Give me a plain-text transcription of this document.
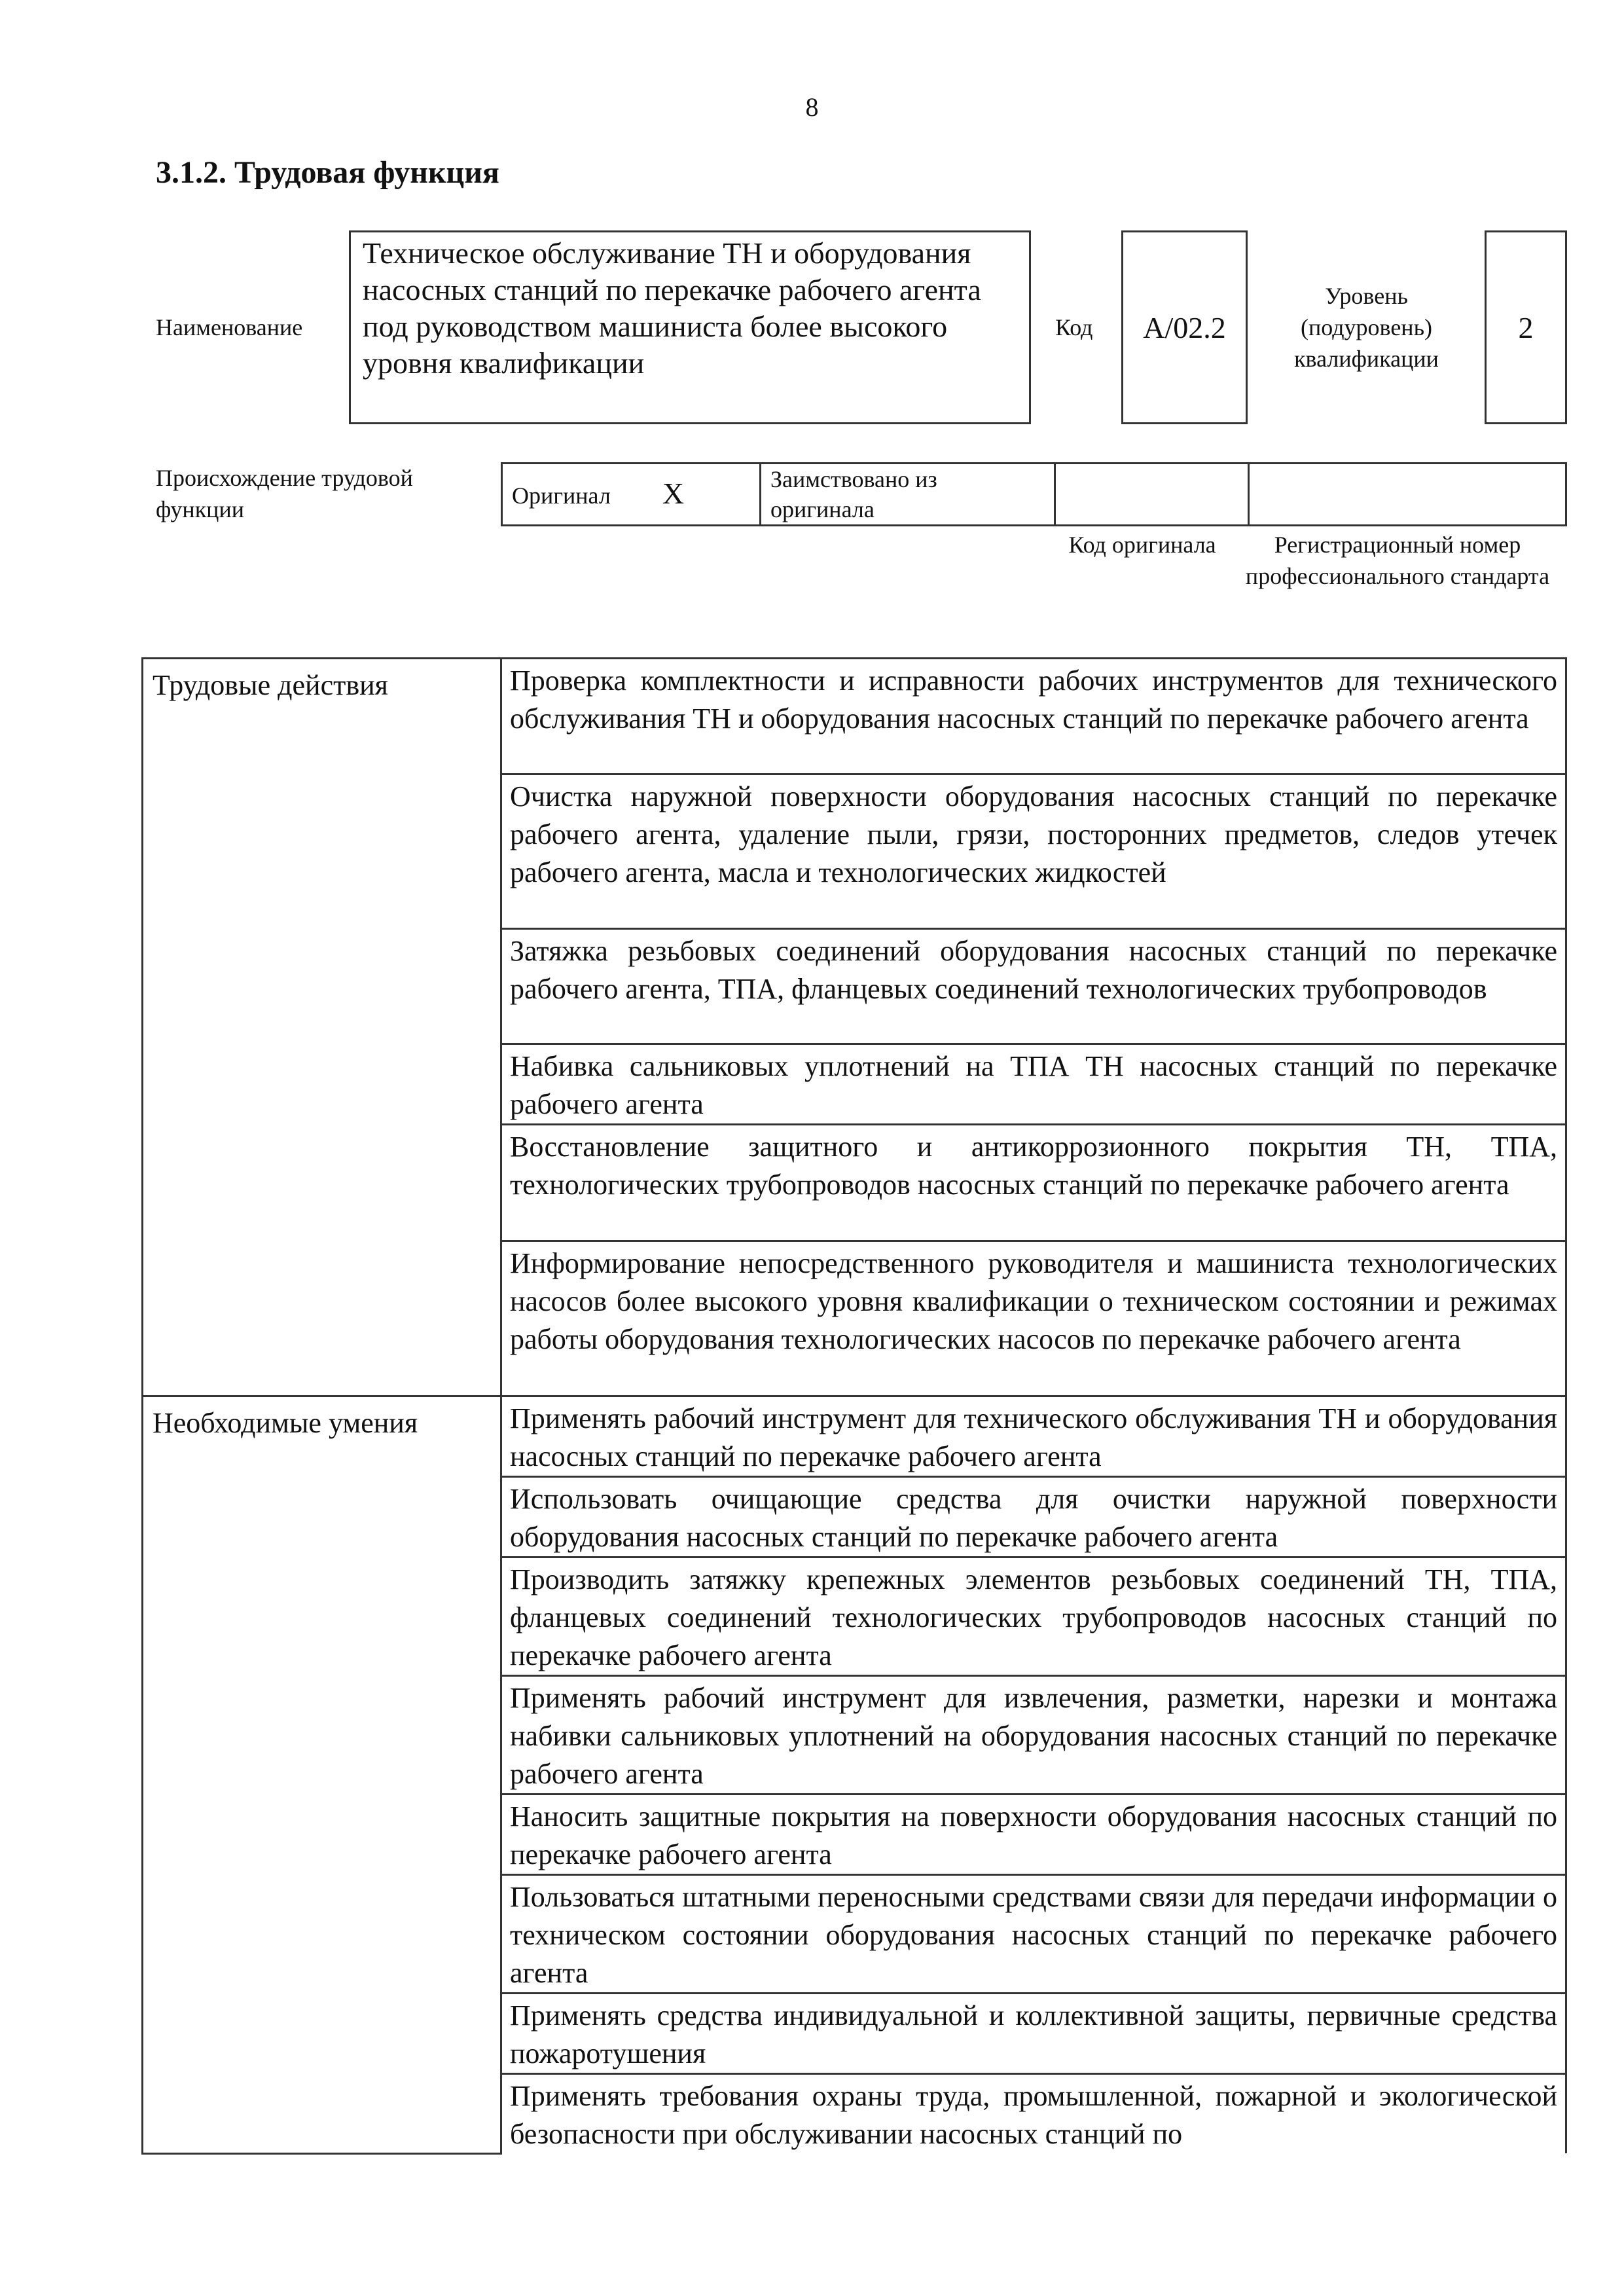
8
3.1.2. Трудовая функция
Наименование
Техническое обслуживание ТН и оборудования насосных станций по перекачке рабочего агента под руководством машиниста более высокого уровня квалификации
Код А/02.2
Уровень
(подуровень)
квалификации
2
Происхождение трудовой функции
Оригинал X	Заимствовано из оригинала		
Код оригинала	Регистрационный номер профессионального стандарта
Трудовые действия	Проверка комплектности и исправности рабочих инструментов для технического обслуживания ТН и оборудования насосных станций по перекачке рабочего агента
	Очистка наружной поверхности оборудования насосных станций по перекачке рабочего агента, удаление пыли, грязи, посторонних предметов, следов утечек рабочего агента, масла и технологических жидкостей
	Затяжка резьбовых соединений оборудования насосных станций по перекачке рабочего агента, ТПА, фланцевых соединений технологических трубопроводов
	Набивка сальниковых уплотнений на ТПА ТН насосных станций по перекачке рабочего агента
	Восстановление защитного и антикоррозионного покрытия ТН, ТПА, технологических трубопроводов насосных станций по перекачке рабочего агента
	Информирование непосредственного руководителя и машиниста технологических насосов более высокого уровня квалификации о техническом состоянии и режимах работы оборудования технологических насосов по перекачке рабочего агента
Необходимые умения	Применять рабочий инструмент для технического обслуживания ТН и оборудования насосных станций по перекачке рабочего агента
	Использовать очищающие средства для очистки наружной поверхности оборудования насосных станций по перекачке рабочего агента
	Производить затяжку крепежных элементов резьбовых соединений ТН, ТПА, фланцевых соединений технологических трубопроводов насосных станций по перекачке рабочего агента
	Применять рабочий инструмент для извлечения, разметки, нарезки и монтажа набивки сальниковых уплотнений на оборудования насосных станций по перекачке рабочего агента
	Наносить защитные покрытия на поверхности оборудования насосных станций по перекачке рабочего агента
	Пользоваться штатными переносными средствами связи для передачи информации о техническом состоянии оборудования насосных станций по перекачке рабочего агента
	Применять средства индивидуальной и коллективной защиты, первичные средства пожаротушения
	Применять требования охраны труда, промышленной, пожарной и экологической безопасности при обслуживании насосных станций по
